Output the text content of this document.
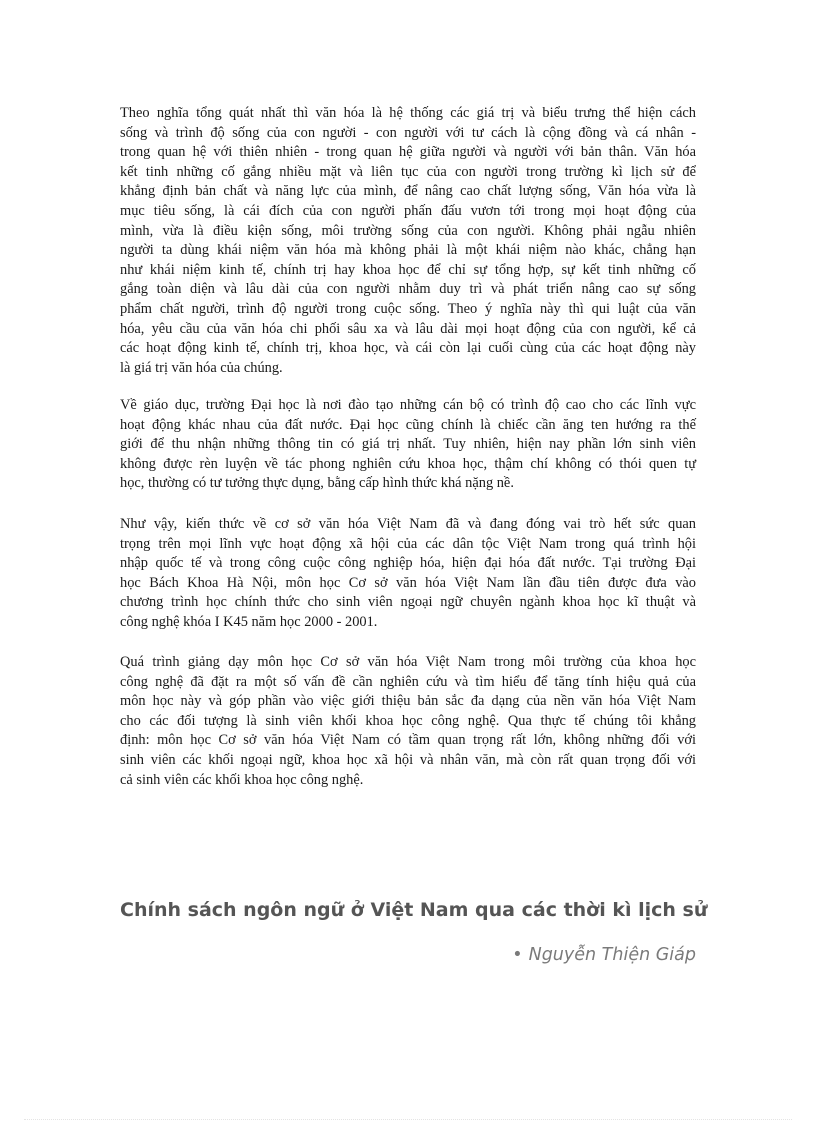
Theo nghĩa tổng quát nhất thì văn hóa là hệ thống các giá trị và biểu trưng thể hiện cách
sống và trình độ sống của con người - con người với tư cách là cộng đồng và cá nhân -
trong quan hệ với thiên nhiên - trong quan hệ giữa người và người với bản thân. Văn hóa
kết tinh những cố gắng nhiều mặt và liên tục của con người trong trường kì lịch sử để
khẳng định bản chất và năng lực của mình, để nâng cao chất lượng sống, Văn hóa vừa là
mục tiêu sống, là cái đích của con người phấn đấu vươn tới trong mọi hoạt động của
mình, vừa là điều kiện sống, môi trường sống của con người. Không phải ngẫu nhiên
người ta dùng khái niệm văn hóa mà không phải là một khái niệm nào khác, chẳng hạn
như khái niệm kinh tế, chính trị hay khoa học để chỉ sự tổng hợp, sự kết tinh những cố
gắng toàn diện và lâu dài của con người nhằm duy trì và phát triển nâng cao sự sống
phẩm chất người, trình độ người trong cuộc sống. Theo ý nghĩa này thì qui luật của văn
hóa, yêu cầu của văn hóa chi phối sâu xa và lâu dài mọi hoạt động của con người, kể cả
các hoạt động kinh tế, chính trị, khoa học, và cái còn lại cuối cùng của các hoạt động này
là giá trị văn hóa của chúng.
Về giáo dục, trường Đại học là nơi đào tạo những cán bộ có trình độ cao cho các lĩnh vực
hoạt động khác nhau của đất nước. Đại học cũng chính là chiếc cần ăng ten hướng ra thế
giới để thu nhận những thông tin có giá trị nhất. Tuy nhiên, hiện nay phần lớn sinh viên
không được rèn luyện về tác phong nghiên cứu khoa học, thậm chí không có thói quen tự
học, thường có tư tưởng thực dụng, bằng cấp hình thức khá nặng nề.
Như vậy, kiến thức về cơ sở văn hóa Việt Nam đã và đang đóng vai trò hết sức quan
trọng trên mọi lĩnh vực hoạt động xã hội của các dân tộc Việt Nam trong quá trình hội
nhập quốc tế và trong công cuộc công nghiệp hóa, hiện đại hóa đất nước. Tại trường Đại
học Bách Khoa Hà Nội, môn học Cơ sở văn hóa Việt Nam lần đầu tiên được đưa vào
chương trình học chính thức cho sinh viên ngoại ngữ chuyên ngành khoa học kĩ thuật và
công nghệ khóa I K45 năm học 2000 - 2001.
Quá trình giảng dạy môn học Cơ sở văn hóa Việt Nam trong môi trường của khoa học
công nghệ đã đặt ra một số vấn đề cần nghiên cứu và tìm hiểu để tăng tính hiệu quả của
môn học này và góp phần vào việc giới thiệu bản sắc đa dạng của nền văn hóa Việt Nam
cho các đối tượng là sinh viên khối khoa học công nghệ. Qua thực tế chúng tôi khẳng
định: môn học Cơ sở văn hóa Việt Nam có tầm quan trọng rất lớn, không những đối với
sinh viên các khối ngoại ngữ, khoa học xã hội và nhân văn, mà còn rất quan trọng đối với
cả sinh viên các khối khoa học công nghệ.
Chính sách ngôn ngữ ở Việt Nam qua các thời kì lịch sử
• Nguyễn Thiện Giáp
